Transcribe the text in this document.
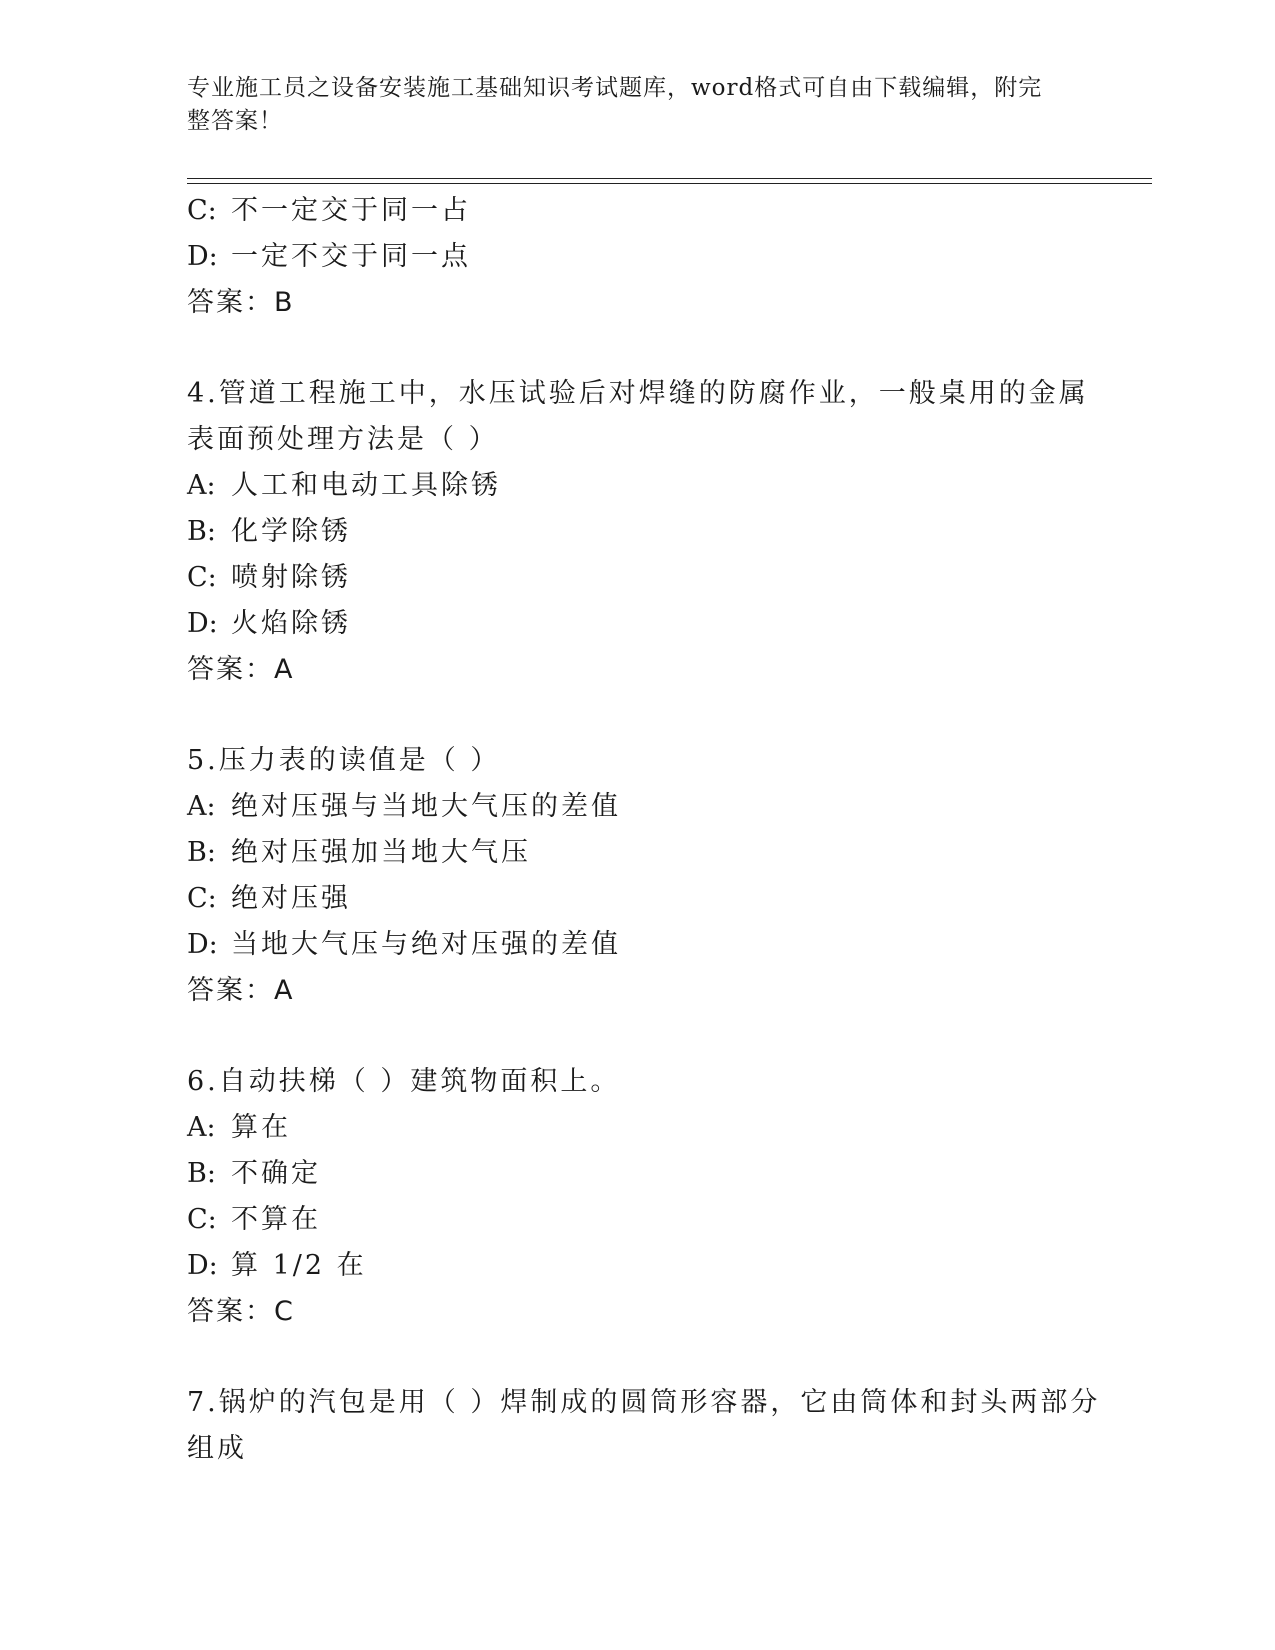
专业施工员之设备安装施工基础知识考试题库，word格式可自由下载编辑，附完
整答案！
C: 不一定交于同一占
D: 一定不交于同一点
答案：B
4.管道工程施工中，水压试验后对焊缝的防腐作业，一般桌用的金属
表面预处理方法是（ ）
A: 人工和电动工具除锈
B: 化学除锈
C: 喷射除锈
D: 火焰除锈
答案：A
5.压力表的读值是（ ）
A: 绝对压强与当地大气压的差值
B: 绝对压强加当地大气压
C: 绝对压强
D: 当地大气压与绝对压强的差值
答案：A
6.自动扶梯（ ）建筑物面积上。
A: 算在
B: 不确定
C: 不算在
D: 算 1/2 在
答案：C
7.锅炉的汽包是用（ ）焊制成的圆筒形容器，它由筒体和封头两部分
组成
